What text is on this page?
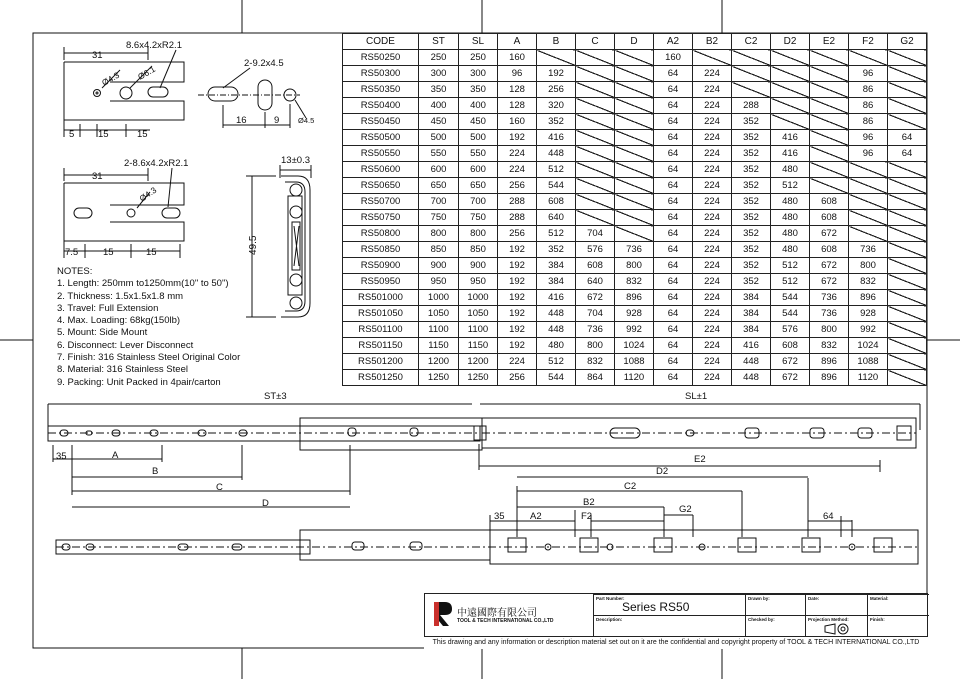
8.6x4.2xR2.1
31
Ø4.3 Ø6.1
5 15	15
2-8.6x4.2xR2.1
31
Ø4.3
7.5	15	15
2-9.2x4.5
16	9 Ø4.5
13±0.3
49.5
ST±3	SL±1
35	A
B
C
D
E2
D2
C2
B2
G2
F2
A2
35	64
CODE	ST	SL	A	B	C	D	A2	B2	C2	D2	E2	F2	G2
RS50250	250	250	160				160						
RS50300	300	300	96	192			64	224				96	
RS50350	350	350	128	256			64	224				86	
RS50400	400	400	128	320			64	224	288			86	
RS50450	450	450	160	352			64	224	352			86	
RS50500	500	500	192	416			64	224	352	416		96	64
RS50550	550	550	224	448			64	224	352	416		96	64
RS50600	600	600	224	512			64	224	352	480			
RS50650	650	650	256	544			64	224	352	512			
RS50700	700	700	288	608			64	224	352	480	608		
RS50750	750	750	288	640			64	224	352	480	608		
RS50800	800	800	256	512	704		64	224	352	480	672		
RS50850	850	850	192	352	576	736	64	224	352	480	608	736	
RS50900	900	900	192	384	608	800	64	224	352	512	672	800	
RS50950	950	950	192	384	640	832	64	224	352	512	672	832	
RS501000	1000	1000	192	416	672	896	64	224	384	544	736	896	
RS501050	1050	1050	192	448	704	928	64	224	384	544	736	928	
RS501100	1100	1100	192	448	736	992	64	224	384	576	800	992	
RS501150	1150	1150	192	480	800	1024	64	224	416	608	832	1024	
RS501200	1200	1200	224	512	832	1088	64	224	448	672	896	1088	
RS501250	1250	1250	256	544	864	1120	64	224	448	672	896	1120	
NOTES:
1. Length: 250mm to1250mm(10" to 50")
2. Thickness: 1.5x1.5x1.8 mm
3. Travel: Full Extension
4. Max. Loading: 68kg(150lb)
5. Mount: Side Mount
6. Disconnect: Lever Disconnect
7. Finish: 316 Stainless Steel Original Color
8. Material: 316 Stainless Steel
9. Packing: Unit Packed in 4pair/carton
中遠國際有限公司
TOOL & TECH INTERNATIONAL CO.,LTD
Part Number:
Series RS50
Description:
Drawn by:
Checked by:
Date:
Projection Method:
Material:
Finish:
This drawing and any information or description material set out on it are the confidential and copyright property of TOOL & TECH INTERNATIONAL CO.,LTD
